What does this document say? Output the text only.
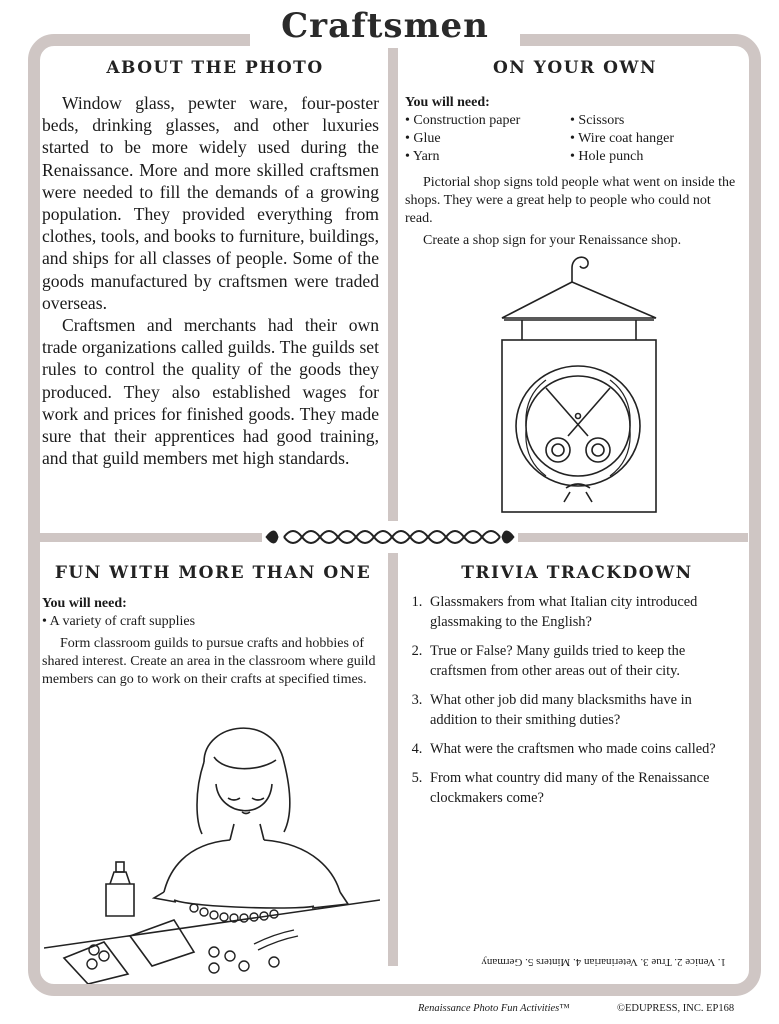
Craftsmen
ABOUT THE PHOTO

Window glass, pewter ware, four-poster beds, drinking glasses, and other luxuries started to be more widely used during the Renaissance. More and more skilled craftsmen were needed to fill the demands of a growing population. They provided everything from clothes, tools, and books to furniture, buildings, and ships for all classes of people. Some of the goods manufactured by craftsmen were traded overseas.

Craftsmen and merchants had their own trade organizations called guilds. The guilds set rules to control the quality of the goods they produced. They also established wages for work and prices for finished goods. They made sure that their apprentices had good training, and that guild members met high standards.

ON YOUR OWN

You will need:

• Construction paper
• Glue
• Yarn
• Scissors
• Wire coat hanger
• Hole punch

Pictorial shop signs told people what went on inside the shops. They were a great help to people who could not read.

Create a shop sign for your Renaissance shop.

FUN WITH MORE THAN ONE

You will need:

• A variety of craft supplies

Form classroom guilds to pursue crafts and hobbies of shared interest. Create an area in the classroom where guild members can go to work on their crafts at specified times.

TRIVIA TRACKDOWN
1. Glassmakers from what Italian city introduced glassmaking to the English?
2. True or False? Many guilds tried to keep the craftsmen from other areas out of their city.
3. What other job did many blacksmiths have in addition to their smithing duties?
4. What were the craftsmen who made coins called?
5. From what country did many of the Renaissance clockmakers come?
1. Venice 2. True 3. Veterinarian 4. Minters 5. Germany
Renaissance Photo Fun Activities™	©EDUPRESS, INC. EP168
